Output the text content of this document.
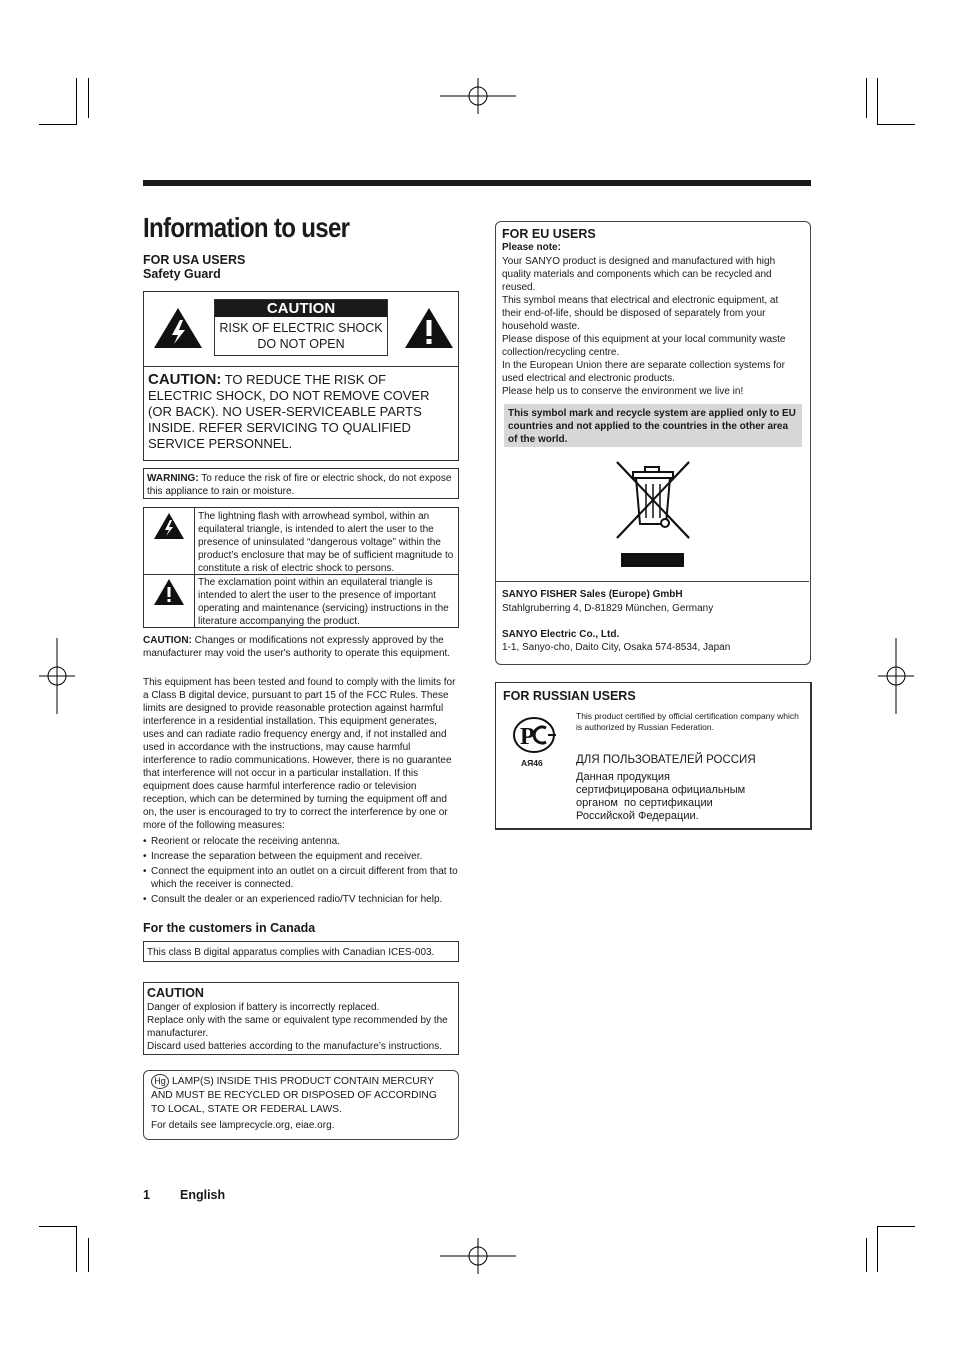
Information to user
FOR USA USERS
Safety Guard
CAUTION
RISK OF ELECTRIC SHOCK
DO NOT OPEN
CAUTION: TO REDUCE THE RISK OF ELECTRIC SHOCK, DO NOT REMOVE COVER (OR BACK). NO USER-SERVICEABLE PARTS INSIDE. REFER SERVICING TO QUALIFIED SERVICE PERSONNEL.
WARNING: To reduce the risk of fire or electric shock, do not expose this appliance to rain or moisture.
The lightning flash with arrowhead symbol, within an equilateral triangle, is intended to alert the user to the presence of uninsulated “dangerous voltage” within the product’s enclosure that may be of sufficient magnitude to constitute a risk of electric shock to persons.
The exclamation point within an equilateral triangle is intended to alert the user to the presence of important operating and maintenance (servicing) instructions in the literature accompanying the product.
CAUTION: Changes or modifications not expressly approved by the manufacturer may void the user's authority to operate this equipment.
This equipment has been tested and found to comply with the limits for a Class B digital device, pursuant to part 15 of the FCC Rules. These limits are designed to provide reasonable protection against harmful interference in a residential installation. This equipment generates, uses and can radiate radio frequency energy and, if not installed and used in accordance with the instructions, may cause harmful interference to radio communications. However, there is no guarantee that interference will not occur in a particular installation. If this equipment does cause harmful interference radio or television reception, which can be determined by turning the equipment off and on, the user is encouraged to try to correct the interference by one or more of the following measures:
• Reorient or relocate the receiving antenna.
• Increase the separation between the equipment and receiver.
• Connect the equipment into an outlet on a circuit different from that to which the receiver is connected.
• Consult the dealer or an experienced radio/TV technician for help.
For the customers in Canada
This class B digital apparatus complies with Canadian ICES-003.
CAUTION
Danger of explosion if battery is incorrectly replaced.
Replace only with the same or equivalent type recommended by the manufacturer.
Discard used batteries according to the manufacture’s instructions.
Hg LAMP(S) INSIDE THIS PRODUCT CONTAIN MERCURY AND MUST BE RECYCLED OR DISPOSED OF ACCORDING TO LOCAL, STATE OR FEDERAL LAWS.
For details see lamprecycle.org, eiae.org.
1 English
FOR EU USERS
Please note:

Your SANYO product is designed and manufactured with high quality materials and components which can be recycled and reused.

This symbol means that electrical and electronic equipment, at their end-of-life, should be disposed of separately from your household waste.

Please dispose of this equipment at your local community waste collection/recycling centre.

In the European Union there are separate collection systems for used electrical and electronic products.

Please help us to conserve the environment we live in!

This symbol mark and recycle system are applied only to EU countries and not applied to the countries in the other area of the world.
SANYO FISHER Sales (Europe) GmbH
Stahlgruberring 4, D-81829 München, Germany
SANYO Electric Co., Ltd.
1-1, Sanyo-cho, Daito City, Osaka 574-8534, Japan
FOR RUSSIAN USERS
P
AЯ46
This product certified by official certification company which is authorized by Russian Federation.
ДЛЯ ПОЛЬЗОВАТЕЛЕЙ РОССИЯ
Данная продукция
сертифицирована официальным
органом  по сертификации
Российской Федерации.
